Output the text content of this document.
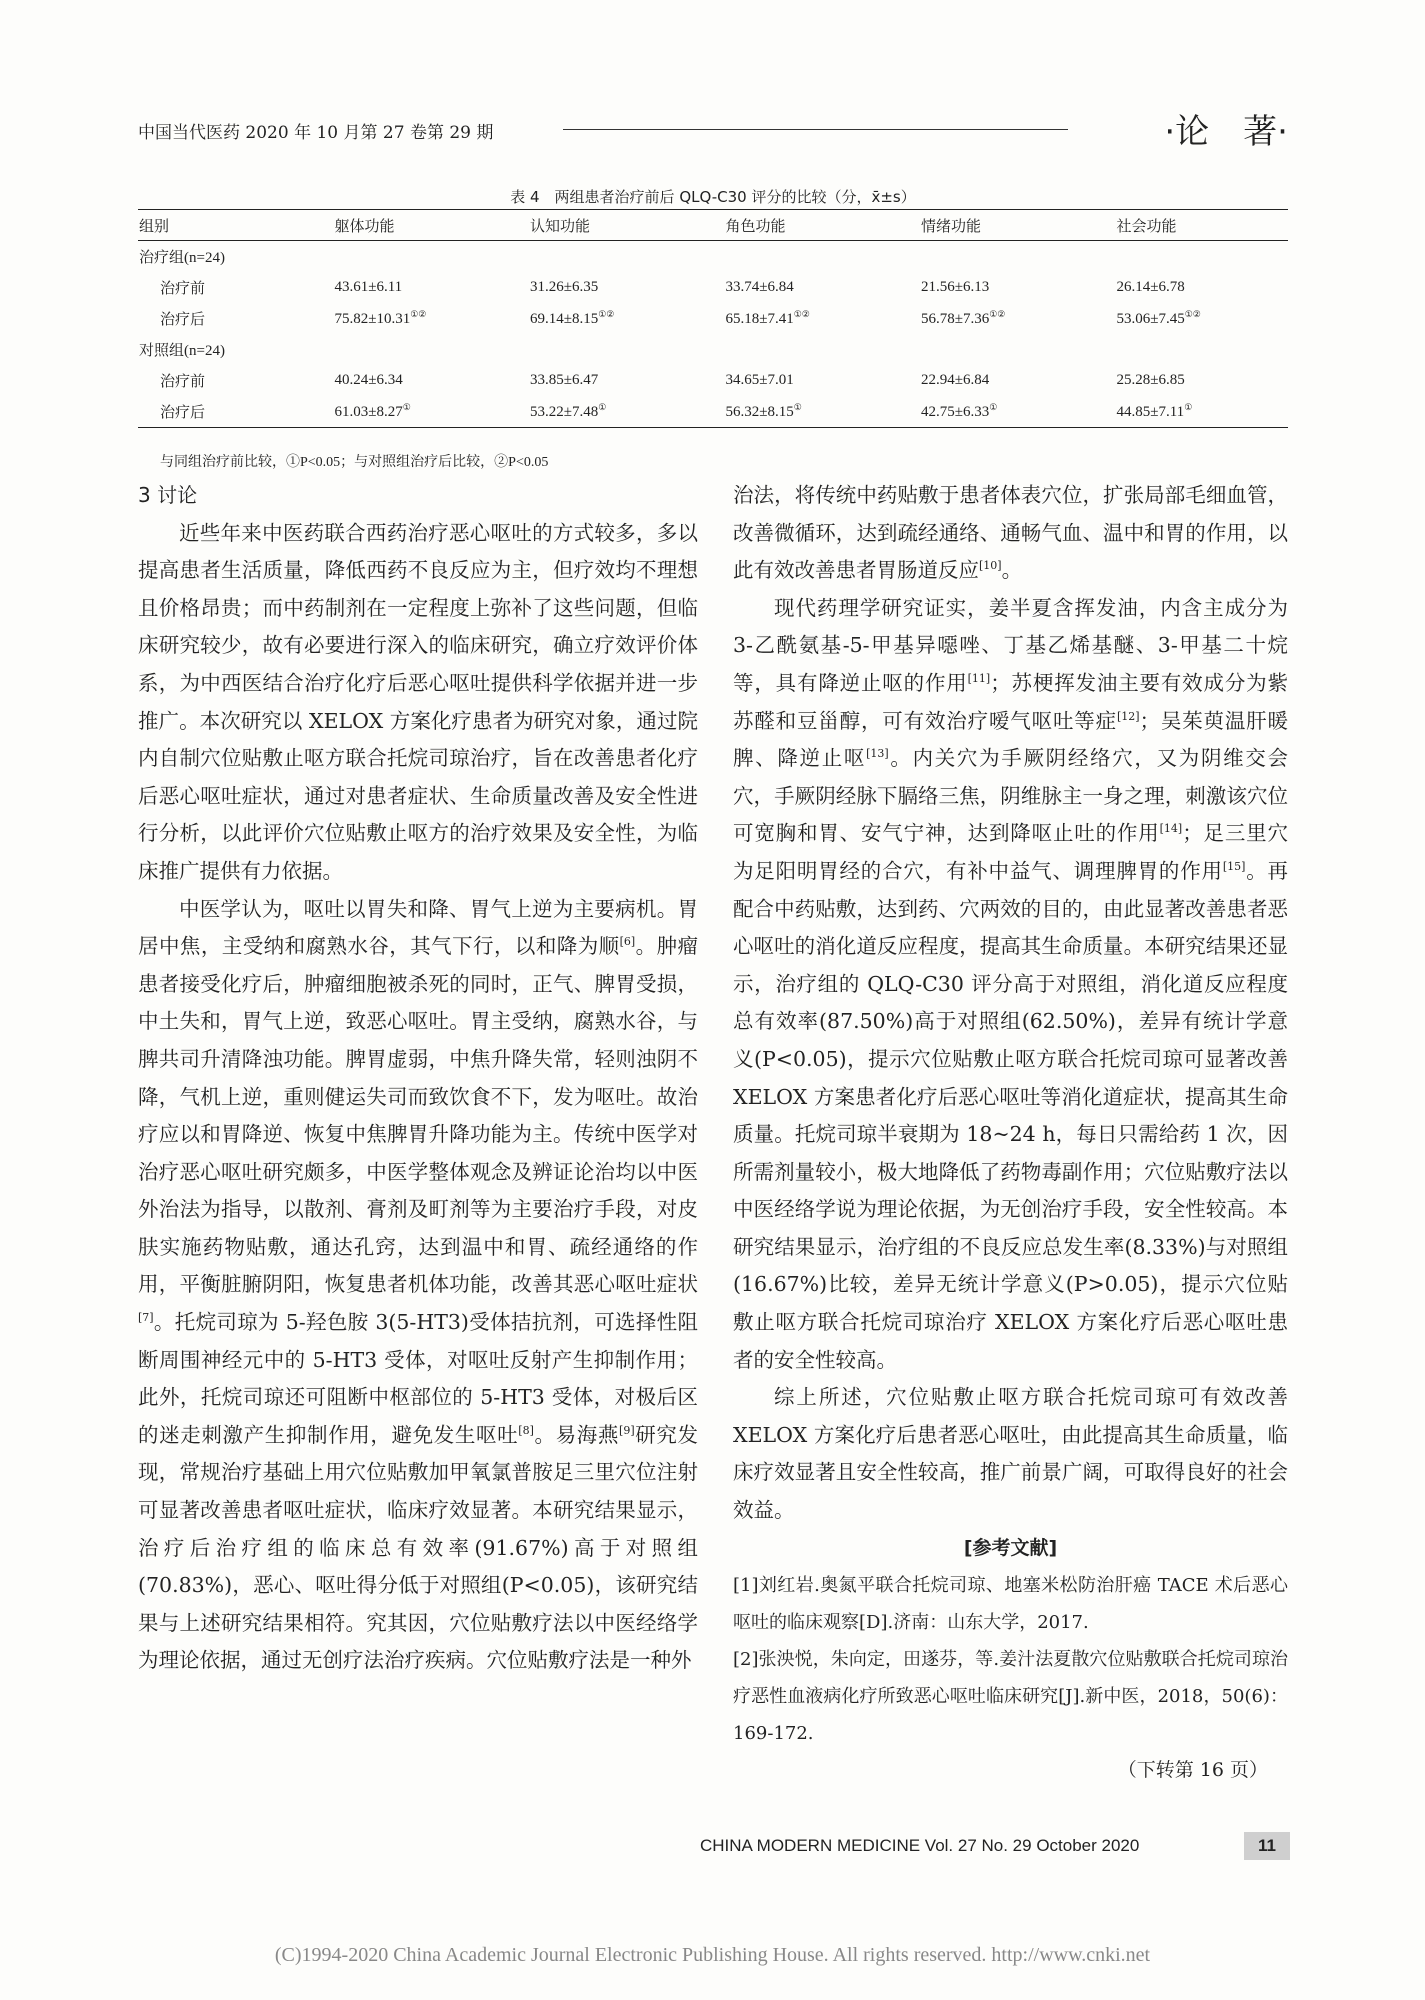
中国当代医药 2020 年 10 月第 27 卷第 29 期	·论　著·
表 4　两组患者治疗前后 QLQ-C30 评分的比较（分，x̄±s）
组别	躯体功能	认知功能	角色功能	情绪功能	社会功能
治疗组(n=24)					
治疗前	43.61±6.11	31.26±6.35	33.74±6.84	21.56±6.13	26.14±6.78
治疗后	75.82±10.31①②	69.14±8.15①②	65.18±7.41①②	56.78±7.36①②	53.06±7.45①②
对照组(n=24)					
治疗前	40.24±6.34	33.85±6.47	34.65±7.01	22.94±6.84	25.28±6.85
治疗后	61.03±8.27①	53.22±7.48①	56.32±8.15①	42.75±6.33①	44.85±7.11①
与同组治疗前比较，①P<0.05；与对照组治疗后比较，②P<0.05

3 讨论

近些年来中医药联合西药治疗恶心呕吐的方式较多，多以提高患者生活质量，降低西药不良反应为主，但疗效均不理想且价格昂贵；而中药制剂在一定程度上弥补了这些问题，但临床研究较少，故有必要进行深入的临床研究，确立疗效评价体系，为中西医结合治疗化疗后恶心呕吐提供科学依据并进一步推广。本次研究以 XELOX 方案化疗患者为研究对象，通过院内自制穴位贴敷止呕方联合托烷司琼治疗，旨在改善患者化疗后恶心呕吐症状，通过对患者症状、生命质量改善及安全性进行分析，以此评价穴位贴敷止呕方的治疗效果及安全性，为临床推广提供有力依据。

中医学认为，呕吐以胃失和降、胃气上逆为主要病机。胃居中焦，主受纳和腐熟水谷，其气下行，以和降为顺[6]。肿瘤患者接受化疗后，肿瘤细胞被杀死的同时，正气、脾胃受损，中土失和，胃气上逆，致恶心呕吐。胃主受纳，腐熟水谷，与脾共司升清降浊功能。脾胃虚弱，中焦升降失常，轻则浊阴不降，气机上逆，重则健运失司而致饮食不下，发为呕吐。故治疗应以和胃降逆、恢复中焦脾胃升降功能为主。传统中医学对治疗恶心呕吐研究颇多，中医学整体观念及辨证论治均以中医外治法为指导，以散剂、膏剂及町剂等为主要治疗手段，对皮肤实施药物贴敷，通达孔窍，达到温中和胃、疏经通络的作用，平衡脏腑阴阳，恢复患者机体功能，改善其恶心呕吐症状[7]。托烷司琼为 5-羟色胺 3(5-HT3)受体拮抗剂，可选择性阻断周围神经元中的 5-HT3 受体，对呕吐反射产生抑制作用；此外，托烷司琼还可阻断中枢部位的 5-HT3 受体，对极后区的迷走刺激产生抑制作用，避免发生呕吐[8]。易海燕[9]研究发现，常规治疗基础上用穴位贴敷加甲氧氯普胺足三里穴位注射可显著改善患者呕吐症状，临床疗效显著。本研究结果显示，治疗后治疗组的临床总有效率(91.67%)高于对照组(70.83%)，恶心、呕吐得分低于对照组(P<0.05)，该研究结果与上述研究结果相符。究其因，穴位贴敷疗法以中医经络学为理论依据，通过无创疗法治疗疾病。穴位贴敷疗法是一种外

治法，将传统中药贴敷于患者体表穴位，扩张局部毛细血管，改善微循环，达到疏经通络、通畅气血、温中和胃的作用，以此有效改善患者胃肠道反应[10]。

现代药理学研究证实，姜半夏含挥发油，内含主成分为 3-乙酰氨基-5-甲基异噁唑、丁基乙烯基醚、3-甲基二十烷等，具有降逆止呕的作用[11]；苏梗挥发油主要有效成分为紫苏醛和豆甾醇，可有效治疗嗳气呕吐等症[12]；吴茱萸温肝暖脾、降逆止呕[13]。内关穴为手厥阴经络穴，又为阴维交会穴，手厥阴经脉下膈络三焦，阴维脉主一身之理，刺激该穴位可宽胸和胃、安气宁神，达到降呕止吐的作用[14]；足三里穴为足阳明胃经的合穴，有补中益气、调理脾胃的作用[15]。再配合中药贴敷，达到药、穴两效的目的，由此显著改善患者恶心呕吐的消化道反应程度，提高其生命质量。本研究结果还显示，治疗组的 QLQ-C30 评分高于对照组，消化道反应程度总有效率(87.50%)高于对照组(62.50%)，差异有统计学意义(P<0.05)，提示穴位贴敷止呕方联合托烷司琼可显著改善 XELOX 方案患者化疗后恶心呕吐等消化道症状，提高其生命质量。托烷司琼半衰期为 18~24 h，每日只需给药 1 次，因所需剂量较小，极大地降低了药物毒副作用；穴位贴敷疗法以中医经络学说为理论依据，为无创治疗手段，安全性较高。本研究结果显示，治疗组的不良反应总发生率(8.33%)与对照组(16.67%)比较，差异无统计学意义(P>0.05)，提示穴位贴敷止呕方联合托烷司琼治疗 XELOX 方案化疗后恶心呕吐患者的安全性较高。

综上所述，穴位贴敷止呕方联合托烷司琼可有效改善 XELOX 方案化疗后患者恶心呕吐，由此提高其生命质量，临床疗效显著且安全性较高，推广前景广阔，可取得良好的社会效益。

[参考文献]

[1]刘红岩.奥氮平联合托烷司琼、地塞米松防治肝癌 TACE 术后恶心呕吐的临床观察[D].济南：山东大学，2017.

[2]张泱悦，朱向定，田遂芬，等.姜汁法夏散穴位贴敷联合托烷司琼治疗恶性血液病化疗所致恶心呕吐临床研究[J].新中医，2018，50(6)：169-172.

（下转第 16 页）

CHINA MODERN MEDICINE Vol. 27 No. 29 October 2020	11
(C)1994-2020 China Academic Journal Electronic Publishing House. All rights reserved. http://www.cnki.net
